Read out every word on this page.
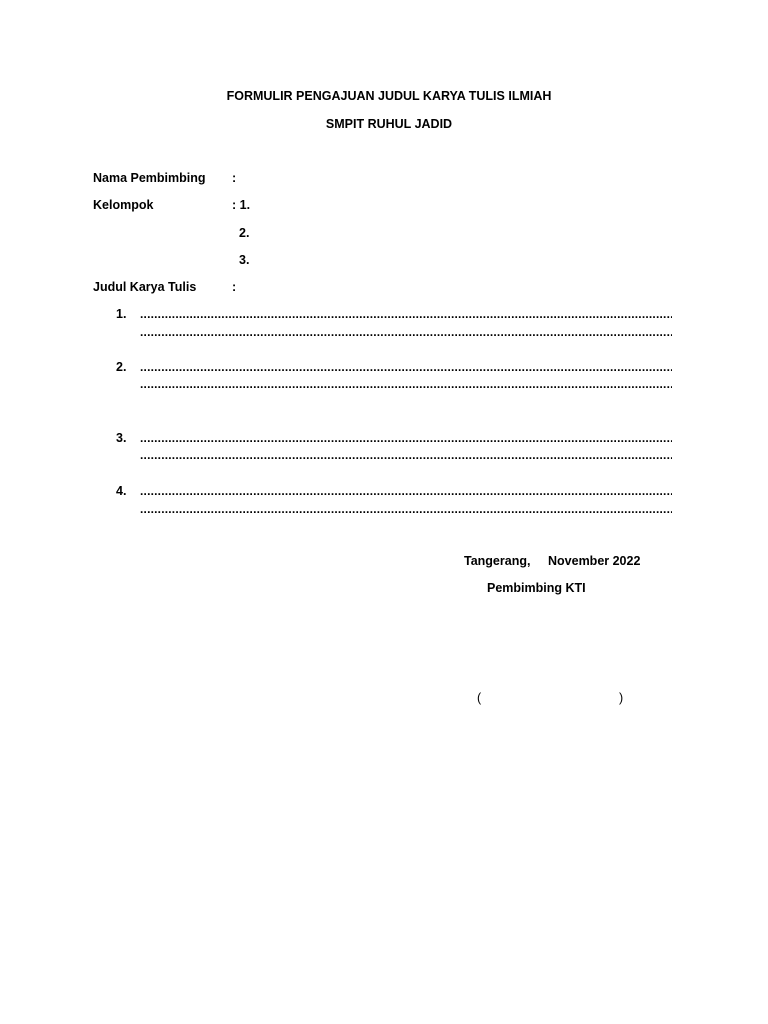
FORMULIR PENGAJUAN JUDUL KARYA TULIS ILMIAH
SMPIT RUHUL JADID
Nama Pembimbing :
Kelompok	: 1.
2.
3.
Judul Karya Tulis	:
1.
.....
.....
2.
.....
.....
3.
.....
.....
4.
.....
.....
Tangerang, November 2022
Pembimbing KTI
(	)
